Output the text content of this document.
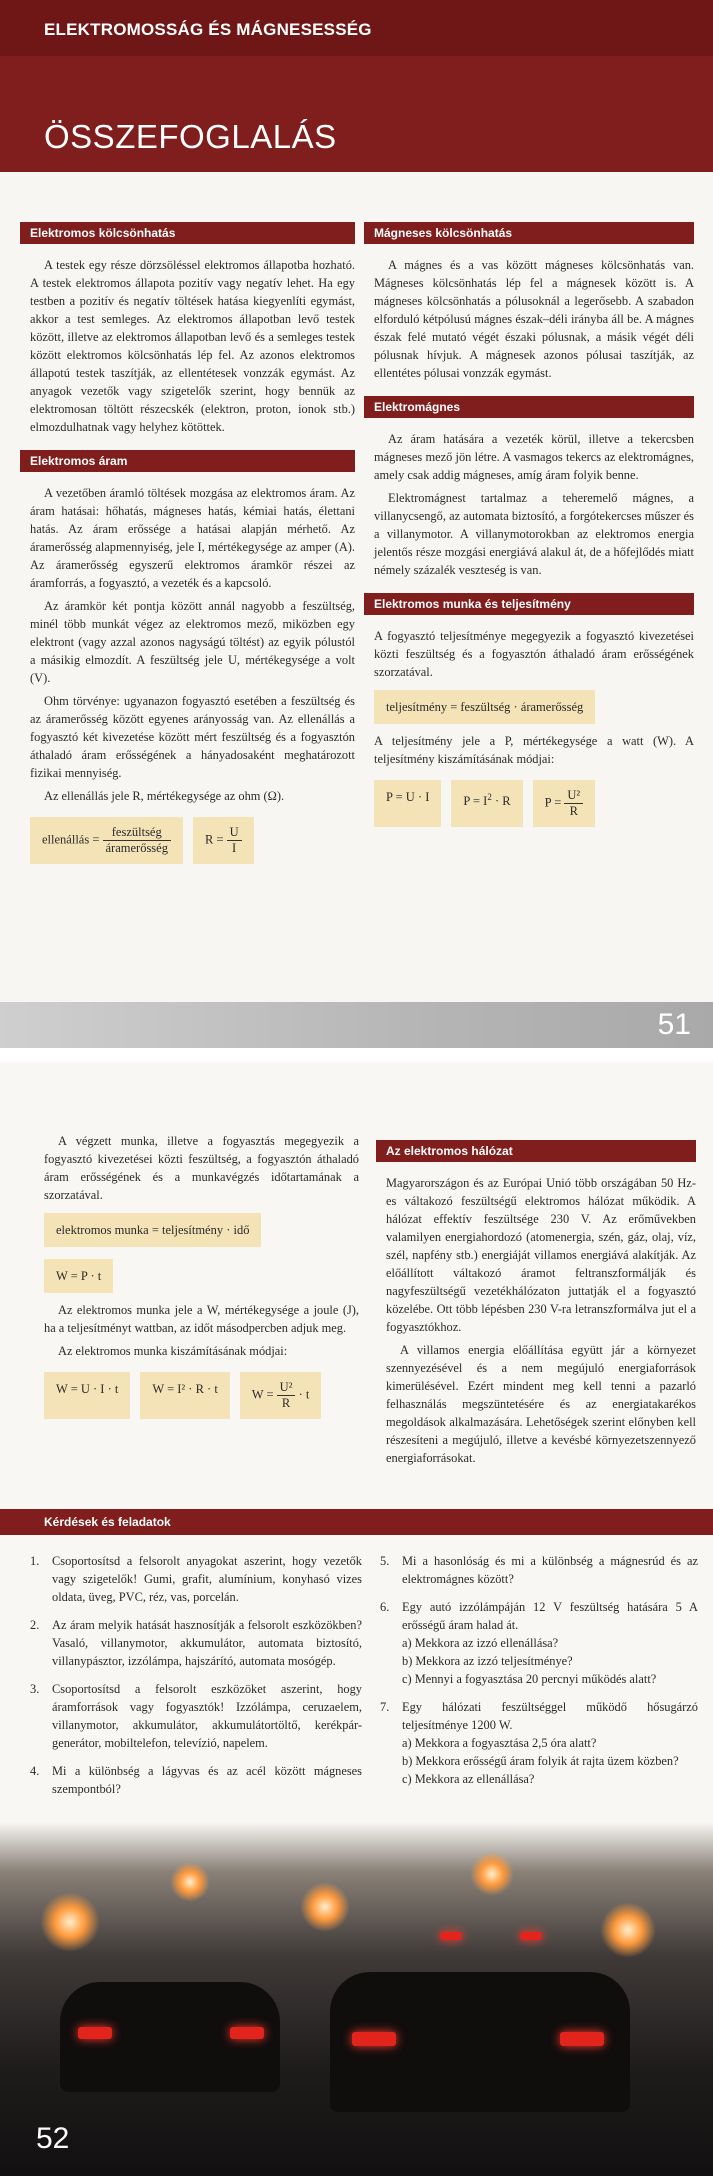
ELEKTROMOSSÁG ÉS MÁGNESESSÉG
ÖSSZEFOGLALÁS
Elektromos kölcsönhatás

A testek egy része dörzsöléssel elektromos állapotba hozható. A testek elektromos állapota pozitív vagy negatív lehet. Ha egy testben a pozitív és negatív töltések hatása kiegyenlíti egymást, akkor a test semleges. Az elektromos állapotban levő testek között, illetve az elektromos állapotban levő és a semleges testek között elektromos kölcsönhatás lép fel. Az azonos elektromos állapotú testek taszítják, az ellentétesek vonzzák egymást. Az anyagok vezetők vagy szigetelők szerint, hogy bennük az elektromosan töltött részecskék (elektron, proton, ionok stb.) elmozdulhatnak vagy helyhez kötöttek.

Elektromos áram

A vezetőben áramló töltések mozgása az elektromos áram. Az áram hatásai: hőhatás, mágneses hatás, kémiai hatás, élettani hatás. Az áram erőssége a hatásai alapján mérhető. Az áramerősség alapmennyiség, jele I, mértékegysége az amper (A). Az áramerősség egyszerű elektromos áramkör részei az áramforrás, a fogyasztó, a vezeték és a kapcsoló.

Az áramkör két pontja között annál nagyobb a feszültség, minél több munkát végez az elektromos mező, miközben egy elektront (vagy azzal azonos nagyságú töltést) az egyik pólustól a másikig elmozdít. A feszültség jele U, mértékegysége a volt (V).

Ohm törvénye: ugyanazon fogyasztó esetében a feszültség és az áramerősség között egyenes arányosság van. Az ellenállás a fogyasztó két kivezetése között mért feszültség és a fogyasztón áthaladó áram erősségének a hányadosaként meghatározott fizikai mennyiség.

Az ellenállás jele R, mértékegysége az ohm (Ω).

ellenállás = $\frac{\text{feszültség}}{\text{áramerősség}}$	$R = \frac{U}{I}$
Mágneses kölcsönhatás

A mágnes és a vas között mágneses kölcsönhatás van. Mágneses kölcsönhatás lép fel a mágnesek között is. A mágneses kölcsönhatás a pólusoknál a legerősebb. A szabadon elforduló kétpólusú mágnes észak–déli irányba áll be. A mágnes észak felé mutató végét északi pólusnak, a másik végét déli pólusnak hívjuk. A mágnesek azonos pólusai taszítják, az ellentétes pólusai vonzzák egymást.

Elektromágnes

Az áram hatására a vezeték körül, illetve a tekercsben mágneses mező jön létre. A vasmagos tekercs az elektromágnes, amely csak addig mágneses, amíg áram folyik benne.

Elektromágnest tartalmaz a teheremelő mágnes, a villanycsengő, az automata biztosító, a forgótekercses műszer és a villanymotor. A villanymotorokban az elektromos energia jelentős része mozgási energiává alakul át, de a hőfejlődés miatt némely százalék veszteség is van.

Elektromos munka és teljesítmény

A fogyasztó teljesítménye megegyezik a fogyasztó kivezetései közti feszültség és a fogyasztón áthaladó áram erősségének szorzatával.

teljesítmény = feszültség · áramerősség

A teljesítmény jele a P, mértékegysége a watt (W). A teljesítmény kiszámításának módjai:

P = U · I	$P = I^2 \cdot R$	$P = \frac{\text{U²}}{R}$
51

A végzett munka, illetve a fogyasztás megegyezik a fogyasztó kivezetései közti feszültség, a fogyasztón áthaladó áram erősségének és a munkavégzés időtartamának a szorzatával.

elektromos munka = teljesítmény · idő
W = P · t

Az elektromos munka jele a W, mértékegysége a joule (J), ha a teljesítményt wattban, az időt másodpercben adjuk meg.

Az elektromos munka kiszámításának módjai:

W = U · I · t	W = I² · R · t	$W = \frac{\text{U²}}{R} \cdot t$
Az elektromos hálózat

Magyarországon és az Európai Unió több országában 50 Hz-es váltakozó feszültségű elektromos hálózat működik. A hálózat effektív feszültsége 230 V. Az erőművekben valamilyen energiahordozó (atomenergia, szén, gáz, olaj, víz, szél, napfény stb.) energiáját villamos energiává alakítják. Az előállított váltakozó áramot feltranszformálják és nagyfeszültségű vezetékhálózaton juttatják el a fogyasztó közelébe. Ott több lépésben 230 V-ra letranszformálva jut el a fogyasztókhoz.

A villamos energia előállítása együtt jár a környezet szennyezésével és a nem megújuló energiaforrások kimerülésével. Ezért mindent meg kell tenni a pazarló felhasználás megszüntetésére és az energiatakarékos megoldások alkalmazására. Lehetőségek szerint előnyben kell részesíteni a megújuló, illetve a kevésbé környezetszennyező energiaforrásokat.

Kérdések és feladatok
1. Csoportosítsd a felsorolt anyagokat aszerint, hogy vezetők vagy szigetelők! Gumi, grafit, alumínium, konyhasó vizes oldata, üveg, PVC, réz, vas, porcelán.
2. Az áram melyik hatását hasznosítják a felsorolt eszközökben? Vasaló, villanymotor, akkumulátor, automata biztosító, villanypásztor, izzólámpa, hajszárító, automata mosógép.
3. Csoportosítsd a felsorolt eszközöket aszerint, hogy áramforrások vagy fogyasztók! Izzólámpa, ceruzaelem, villanymotor, akkumulátor, akkumulátortöltő, kerékpár-generátor, mobiltelefon, televízió, napelem.
4. Mi a különbség a lágyvas és az acél között mágneses szempontból?
5. Mi a hasonlóság és mi a különbség a mágnesrúd és az elektromágnes között?
6. Egy autó izzólámpáján 12 V feszültség hatására 5 A erősségű áram halad át.
a) Mekkora az izzó ellenállása?
b) Mekkora az izzó teljesítménye?
c) Mennyi a fogyasztása 20 percnyi működés alatt?
7. Egy hálózati feszültséggel működő hősugárzó teljesítménye 1200 W.
a) Mekkora a fogyasztása 2,5 óra alatt?
b) Mekkora erősségű áram folyik át rajta üzem közben?
c) Mekkora az ellenállása?
52
